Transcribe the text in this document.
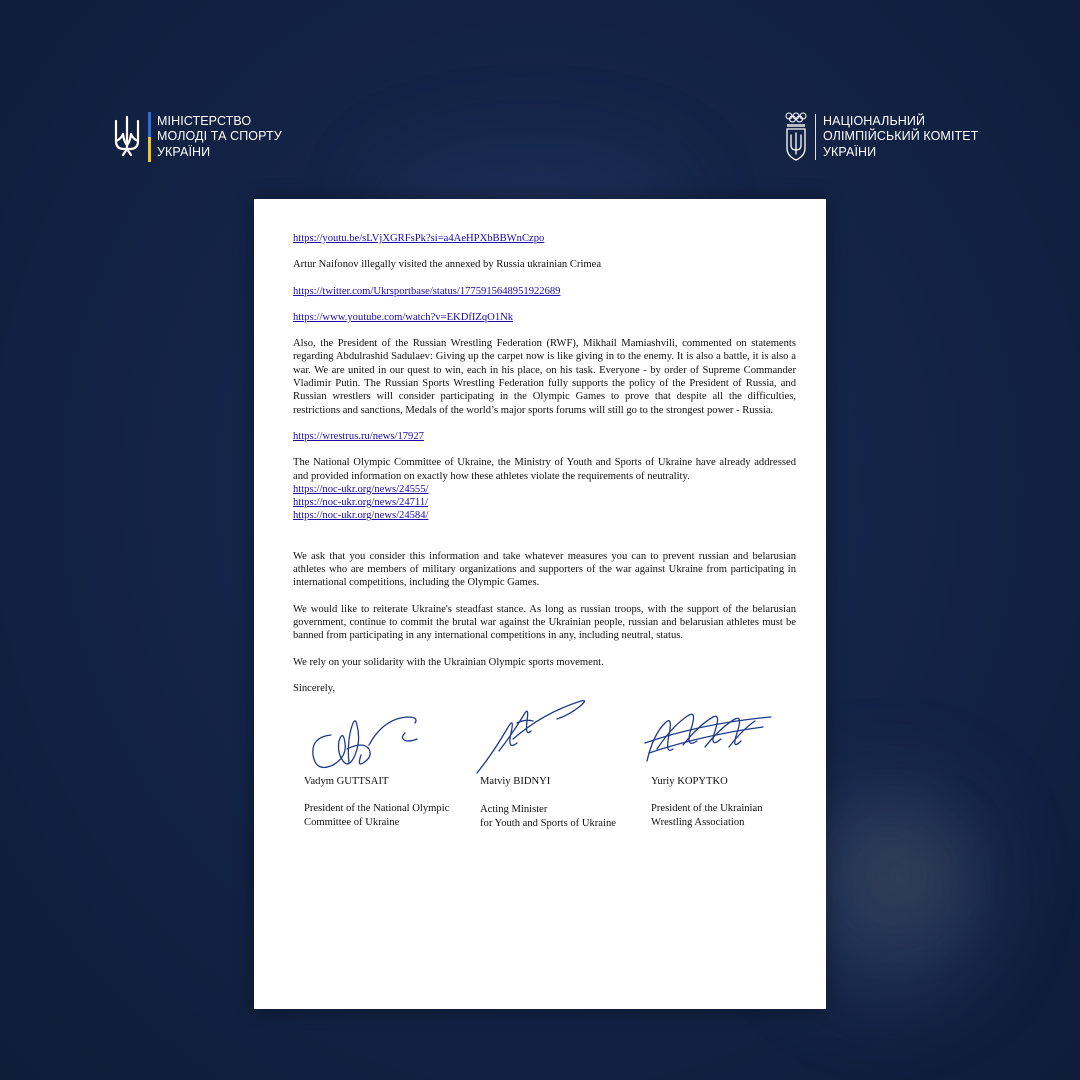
МІНІСТЕРСТВО
МОЛОДІ ТА СПОРТУ
УКРАЇНИ
НАЦІОНАЛЬНИЙ
ОЛІМПІЙСЬКИЙ КОМІТЕТ
УКРАЇНИ
https://youtu.be/sLVjXGRFsPk?si=a4AeHPXbBBWnCzpo

Artur Naifonov illegally visited the annexed by Russia ukrainian Crimea

https://twitter.com/Ukrsportbase/status/1775915648951922689
https://www.youtube.com/watch?v=EKDfIZqO1Nk

Also, the President of the Russian Wrestling Federation (RWF), Mikhail Mamiashvili, commented on statements regarding Abdulrashid Sadulaev: Giving up the carpet now is like giving in to the enemy. It is also a battle, it is also a war. We are united in our quest to win, each in his place, on his task. Everyone - by order of Supreme Commander Vladimir Putin. The Russian Sports Wrestling Federation fully supports the policy of the President of Russia, and Russian wrestlers will consider participating in the Olympic Games to prove that despite all the difficulties, restrictions and sanctions, Medals of the world’s major sports forums will still go to the strongest power - Russia.

https://wrestrus.ru/news/17927

The National Olympic Committee of Ukraine, the Ministry of Youth and Sports of Ukraine have already addressed and provided information on exactly how these athletes violate the requirements of neutrality.

https://noc-ukr.org/news/24555/
https://noc-ukr.org/news/24711/
https://noc-ukr.org/news/24584/

We ask that you consider this information and take whatever measures you can to prevent russian and belarusian athletes who are members of military organizations and supporters of the war against Ukraine from participating in international competitions, including the Olympic Games.

We would like to reiterate Ukraine's steadfast stance. As long as russian troops, with the support of the belarusian government, continue to commit the brutal war against the Ukrainian people, russian and belarusian athletes must be banned from participating in any international competitions in any, including neutral, status.

We rely on your solidarity with the Ukrainian Olympic sports movement.

Sincerely,

Vadym GUTTSAIT
President of the National Olympic
Committee of Ukraine
Matviy BIDNYI
Acting Minister
for Youth and Sports of Ukraine
Yuriy KOPYTKO
President of the Ukrainian
Wrestling Association
